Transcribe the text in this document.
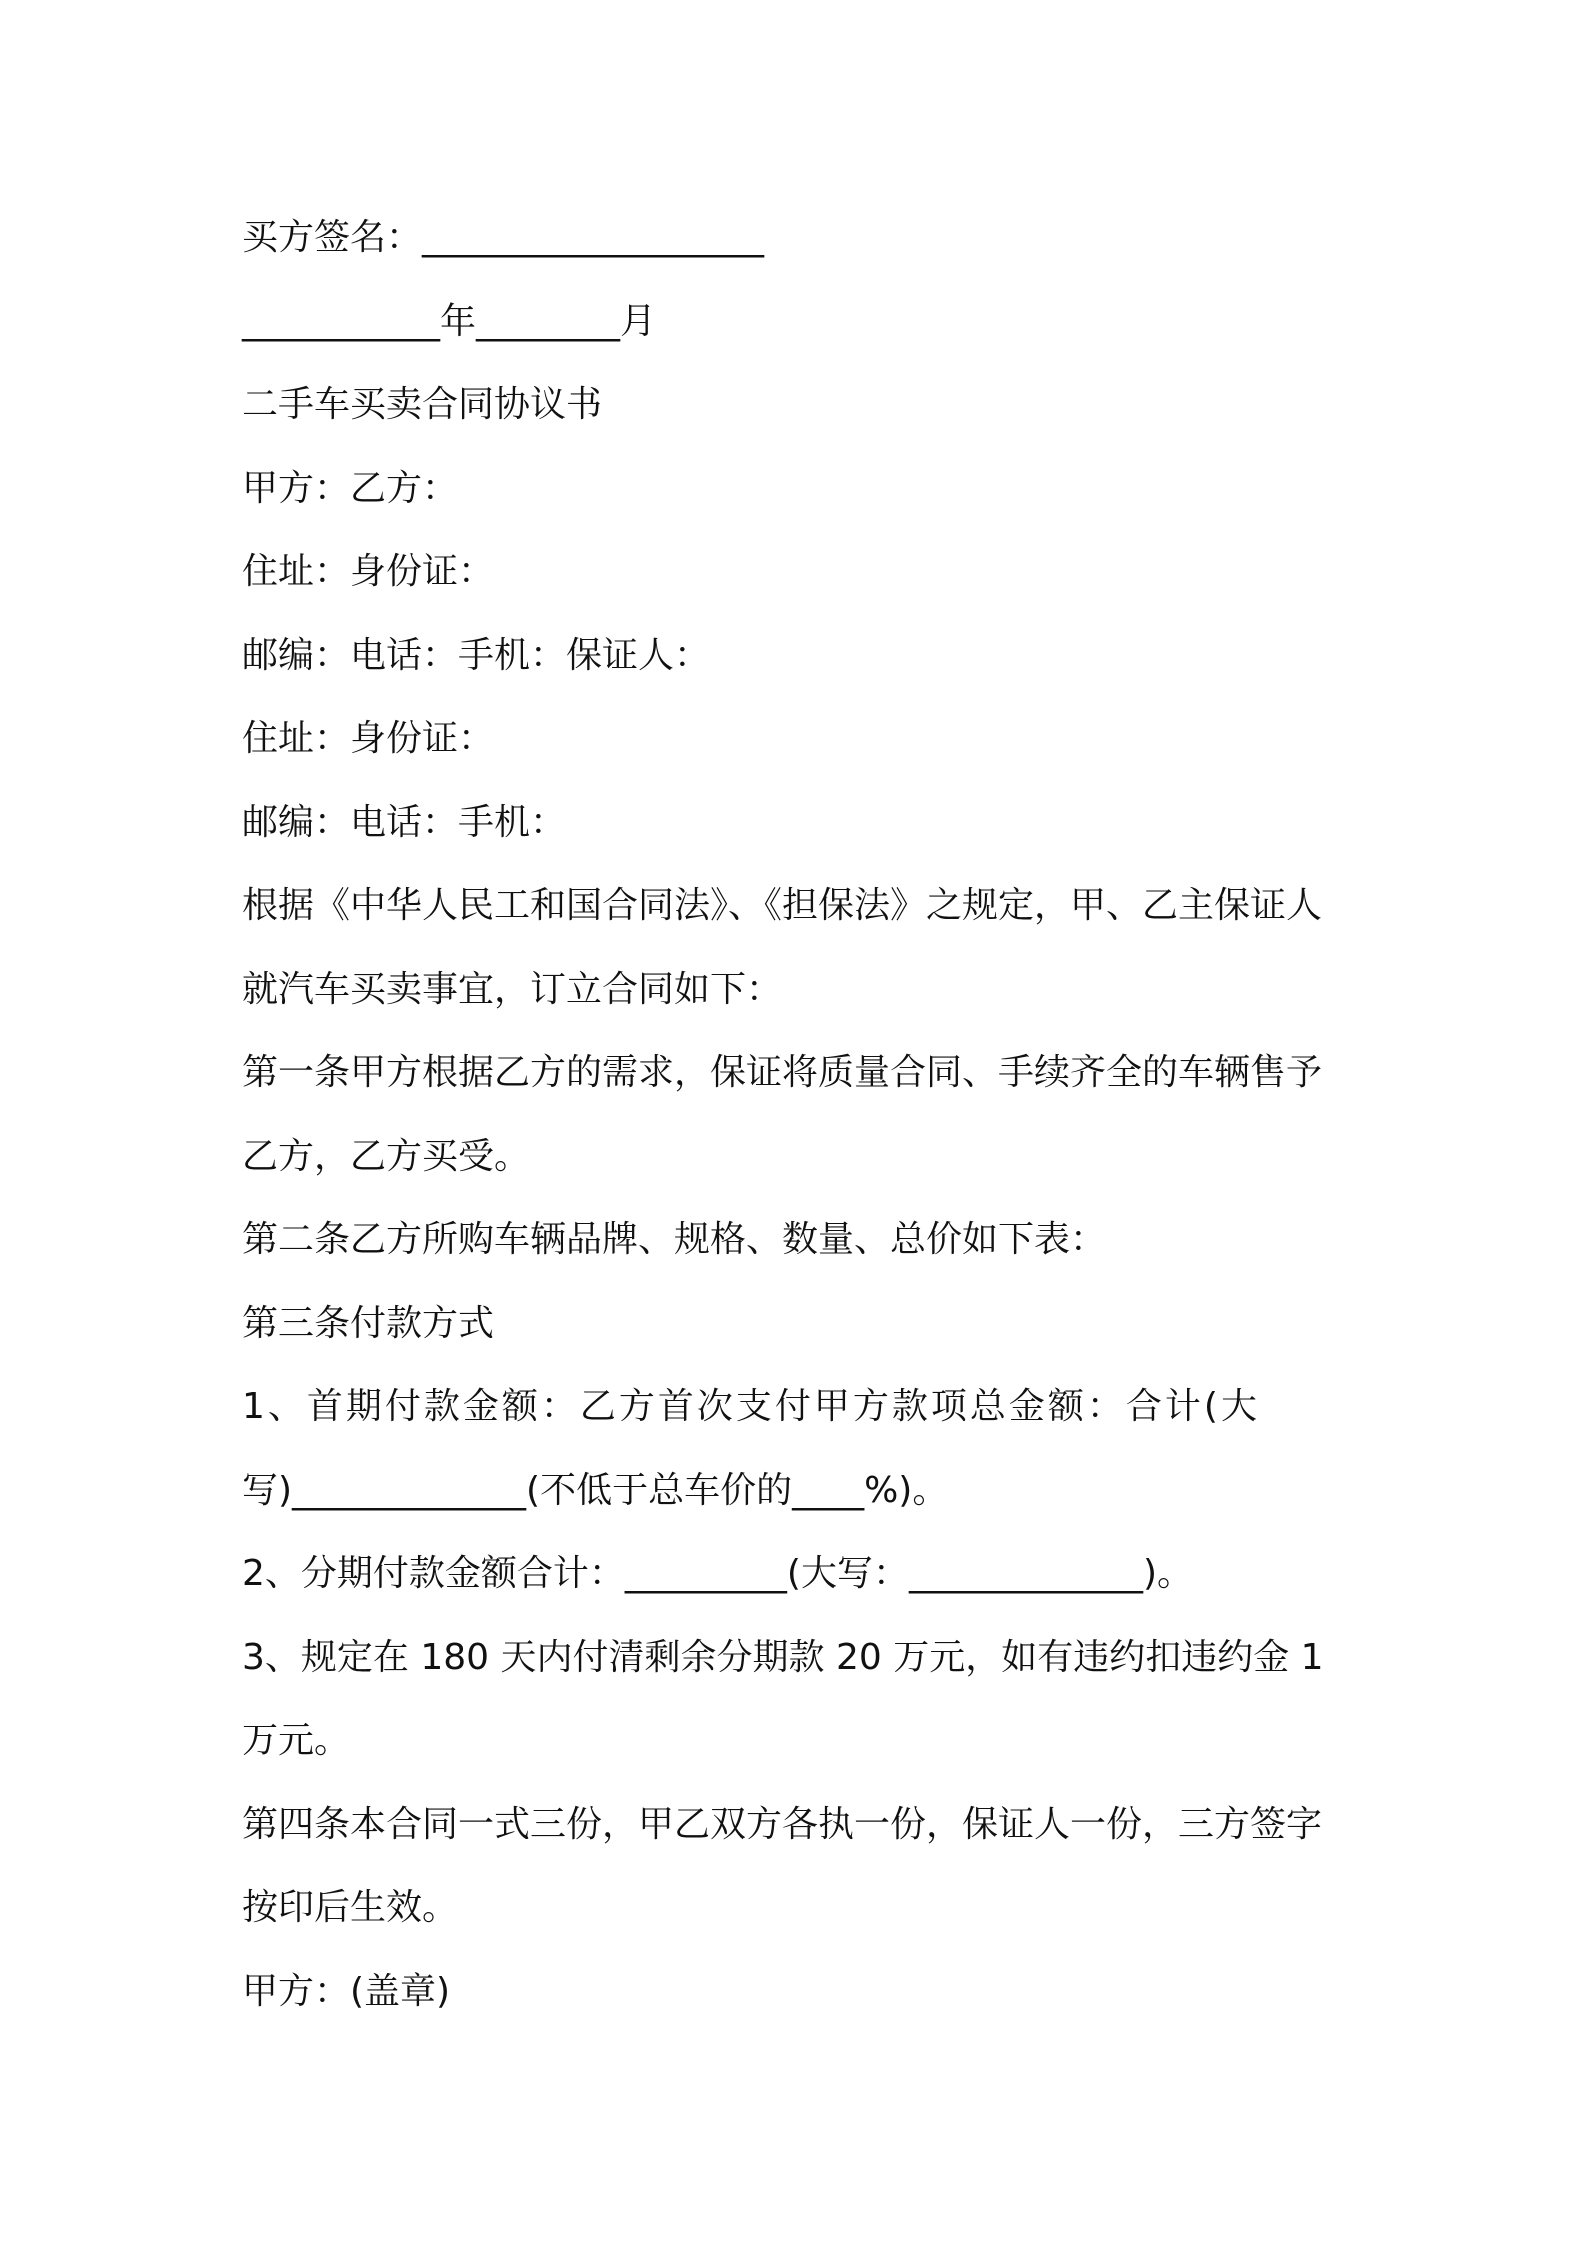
买方签名：___________________
___________年________月
二手车买卖合同协议书
甲方：乙方：
住址：身份证：
邮编：电话：手机：保证人：
住址：身份证：
邮编：电话：手机：
根据《中华人民工和国合同法》、《担保法》之规定，甲、乙主保证人
就汽车买卖事宜，订立合同如下：
第一条甲方根据乙方的需求，保证将质量合同、手续齐全的车辆售予
乙方，乙方买受。
第二条乙方所购车辆品牌、规格、数量、总价如下表：
第三条付款方式
1、首期付款金额：乙方首次支付甲方款项总金额：合计(大
写)_____________(不低于总车价的____%)。
2、分期付款金额合计：_________(大写：_____________)。
3、规定在 180 天内付清剩余分期款 20 万元，如有违约扣违约金 1
万元。
第四条本合同一式三份，甲乙双方各执一份，保证人一份，三方签字
按印后生效。
甲方：(盖章)
